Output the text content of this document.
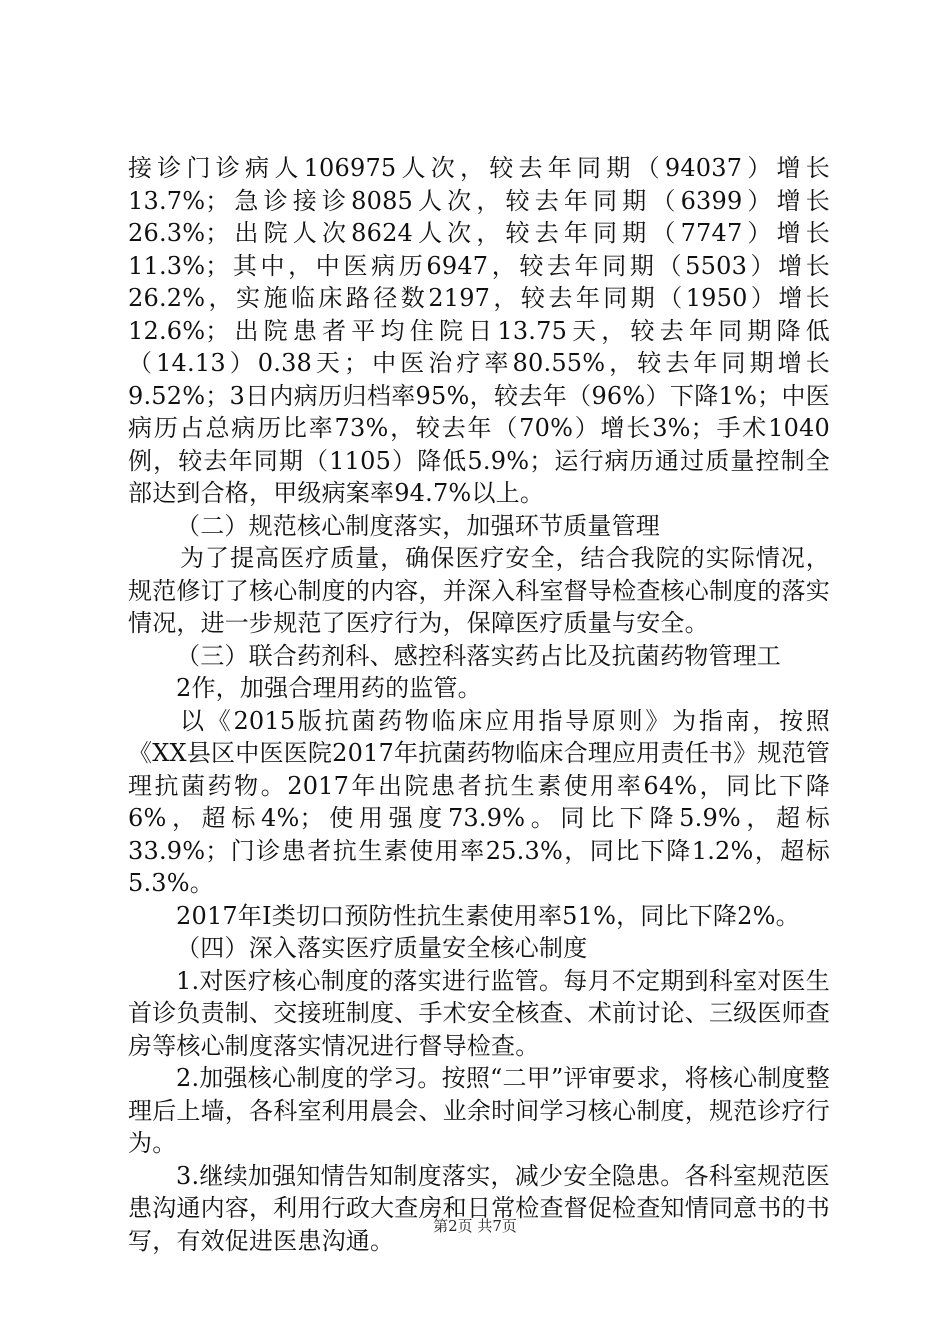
接诊门诊病人106975人次，较去年同期（94037）增长13.7%；急诊接诊8085人次，较去年同期（6399）增长26.3%；出院人次8624人次，较去年同期（7747）增长11.3%；其中，中医病历6947，较去年同期（5503）增长26.2%，实施临床路径数2197，较去年同期（1950）增长12.6%；出院患者平均住院日13.75天，较去年同期降低（14.13）0.38天；中医治疗率80.55%，较去年同期增长9.52%；3日内病历归档率95%，较去年（96%）下降1%；中医病历占总病历比率73%，较去年（70%）增长3%；手术1040例，较去年同期（1105）降低5.9%；运行病历通过质量控制全部达到合格，甲级病案率94.7%以上。

（二）规范核心制度落实，加强环节质量管理

为了提高医疗质量，确保医疗安全，结合我院的实际情况，规范修订了核心制度的内容，并深入科室督导检查核心制度的落实情况，进一步规范了医疗行为，保障医疗质量与安全。

（三）联合药剂科、感控科落实药占比及抗菌药物管理工

2作，加强合理用药的监管。

以《2015版抗菌药物临床应用指导原则》为指南，按照《XX县区中医医院2017年抗菌药物临床合理应用责任书》规范管理抗菌药物。2017年出院患者抗生素使用率64%，同比下降6%，超标4%；使用强度73.9%。同比下降5.9%，超标33.9%；门诊患者抗生素使用率25.3%，同比下降1.2%，超标5.3%。

2017年Ⅰ类切口预防性抗生素使用率51%，同比下降2%。

（四）深入落实医疗质量安全核心制度

1.对医疗核心制度的落实进行监管。每月不定期到科室对医生首诊负责制、交接班制度、手术安全核查、术前讨论、三级医师查房等核心制度落实情况进行督导检查。

2.加强核心制度的学习。按照“二甲”评审要求，将核心制度整理后上墙，各科室利用晨会、业余时间学习核心制度，规范诊疗行为。

3.继续加强知情告知制度落实，减少安全隐患。各科室规范医患沟通内容，利用行政大查房和日常检查督促检查知情同意书的书写，有效促进医患沟通。

第2页 共7页
